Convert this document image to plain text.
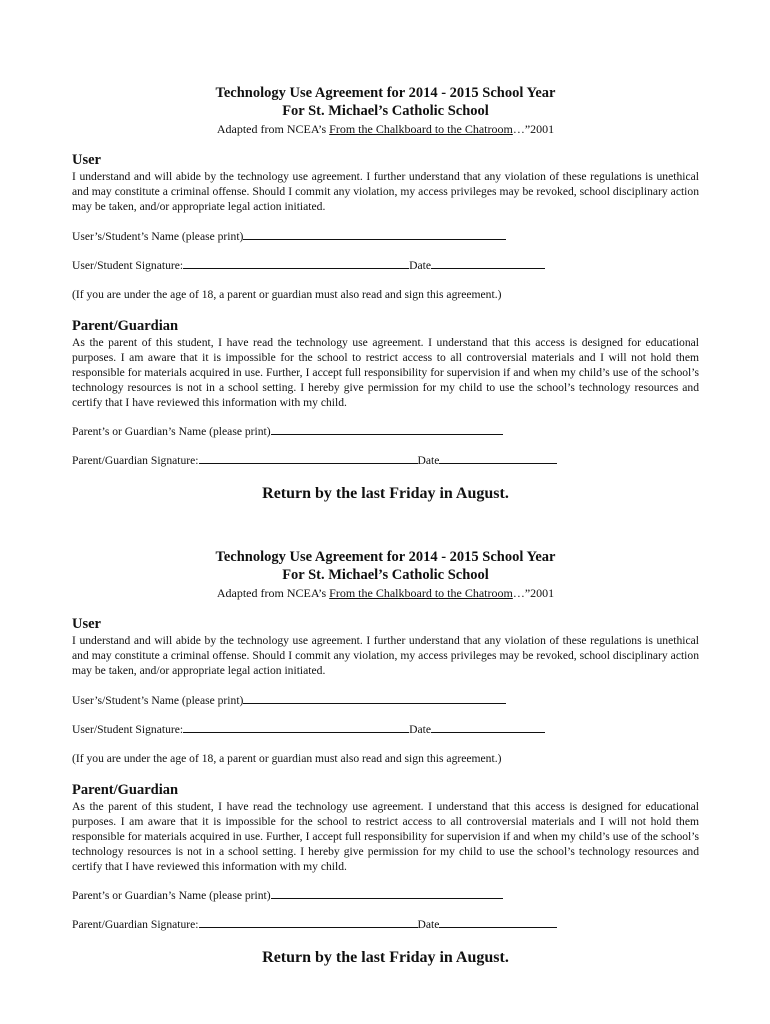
Technology Use Agreement for 2014 - 2015 School Year

For St. Michael’s Catholic School

Adapted from NCEA’s From the Chalkboard to the Chatroom…”2001

User

I understand and will abide by the technology use agreement. I further understand that any violation of these regulations is unethical and may constitute a criminal offense. Should I commit any violation, my access privileges may be revoked, school disciplinary action may be taken, and/or appropriate legal action initiated.

User’s/Student’s Name (please print)

User/Student Signature:	Date

(If you are under the age of 18, a parent or guardian must also read and sign this agreement.)

Parent/Guardian

As the parent of this student, I have read the technology use agreement. I understand that this access is designed for educational purposes. I am aware that it is impossible for the school to restrict access to all controversial materials and I will not hold them responsible for materials acquired in use. Further, I accept full responsibility for supervision if and when my child’s use of the school’s technology resources is not in a school setting. I hereby give permission for my child to use the school’s technology resources and certify that I have reviewed this information with my child.

Parent’s or Guardian’s Name (please print)

Parent/Guardian Signature:	Date

Return by the last Friday in August.

Technology Use Agreement for 2014 - 2015 School Year

For St. Michael’s Catholic School

Adapted from NCEA’s From the Chalkboard to the Chatroom…”2001

User

I understand and will abide by the technology use agreement. I further understand that any violation of these regulations is unethical and may constitute a criminal offense. Should I commit any violation, my access privileges may be revoked, school disciplinary action may be taken, and/or appropriate legal action initiated.

User’s/Student’s Name (please print)

User/Student Signature:	Date

(If you are under the age of 18, a parent or guardian must also read and sign this agreement.)

Parent/Guardian

As the parent of this student, I have read the technology use agreement. I understand that this access is designed for educational purposes. I am aware that it is impossible for the school to restrict access to all controversial materials and I will not hold them responsible for materials acquired in use. Further, I accept full responsibility for supervision if and when my child’s use of the school’s technology resources is not in a school setting. I hereby give permission for my child to use the school’s technology resources and certify that I have reviewed this information with my child.

Parent’s or Guardian’s Name (please print)

Parent/Guardian Signature:	Date

Return by the last Friday in August.
